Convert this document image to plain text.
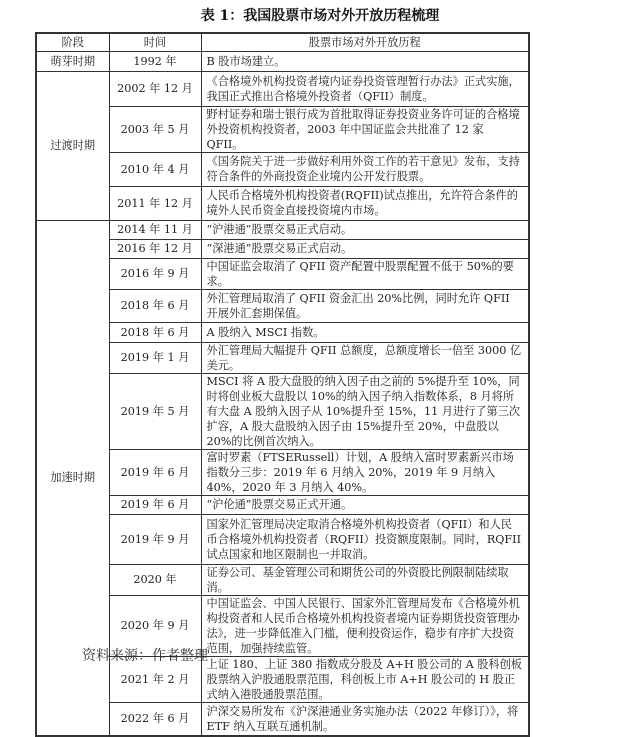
表 1：我国股票市场对外开放历程梳理
阶段	时间	股票市场对外开放历程
萌芽时期	1992 年	B 股市场建立。
过渡时期	2002 年 12 月	《合格境外机构投资者境内证券投资管理暂行办法》正式实施，我国正式推出合格境外投资者（QFII）制度。
	2003 年 5 月	野村证券和瑞士银行成为首批取得证券投资业务许可证的合格境外投资机构投资者，2003 年中国证监会共批准了 12 家 QFII。
	2010 年 4 月	《国务院关于进一步做好利用外资工作的若干意见》发布，支持符合条件的外商投资企业境内公开发行股票。
	2011 年 12 月	人民币合格境外机构投资者(RQFII)试点推出，允许符合条件的境外人民币资金直接投资境内市场。
加速时期	2014 年 11 月	“沪港通”股票交易正式启动。
	2016 年 12 月	“深港通”股票交易正式启动。
	2016 年 9 月	中国证监会取消了 QFII 资产配置中股票配置不低于 50%的要求。
	2018 年 6 月	外汇管理局取消了 QFII 资金汇出 20%比例，同时允许 QFII 开展外汇套期保值。
	2018 年 6 月	A 股纳入 MSCI 指数。
	2019 年 1 月	外汇管理局大幅提升 QFII 总额度，总额度增长一倍至 3000 亿美元。
	2019 年 5 月	MSCI 将 A 股大盘股的纳入因子由之前的 5%提升至 10%，同时将创业板大盘股以 10%的纳入因子纳入指数体系，8 月将所有大盘 A 股纳入因子从 10%提升至 15%，11 月进行了第三次扩容，A 股大盘股纳入因子由 15%提升至 20%，中盘股以 20%的比例首次纳入。
	2019 年 6 月	富时罗素（FTSERussell）计划，A 股纳入富时罗素新兴市场指数分三步：2019 年 6 月纳入 20%，2019 年 9 月纳入 40%，2020 年 3 月纳入 40%。
	2019 年 6 月	“沪伦通”股票交易正式开通。
	2019 年 9 月	国家外汇管理局决定取消合格境外机构投资者（QFII）和人民币合格境外机构投资者（RQFII）投资额度限制。同时，RQFII 试点国家和地区限制也一并取消。
	2020 年	证券公司、基金管理公司和期货公司的外资股比例限制陆续取消。
	2020 年 9 月	中国证监会、中国人民银行、国家外汇管理局发布《合格境外机构投资者和人民币合格境外机构投资者境内证券期货投资管理办法》，进一步降低准入门槛，便利投资运作，稳步有序扩大投资范围，加强持续监管。
	2021 年 2 月	上证 180、上证 380 指数成分股及 A+H 股公司的 A 股科创板股票纳入沪股通股票范围，科创板上市 A+H 股公司的 H 股正式纳入港股通股票范围。
	2022 年 6 月	沪深交易所发布《沪深港通业务实施办法（2022 年修订）》，将 ETF 纳入互联互通机制。
资料来源：作者整理
